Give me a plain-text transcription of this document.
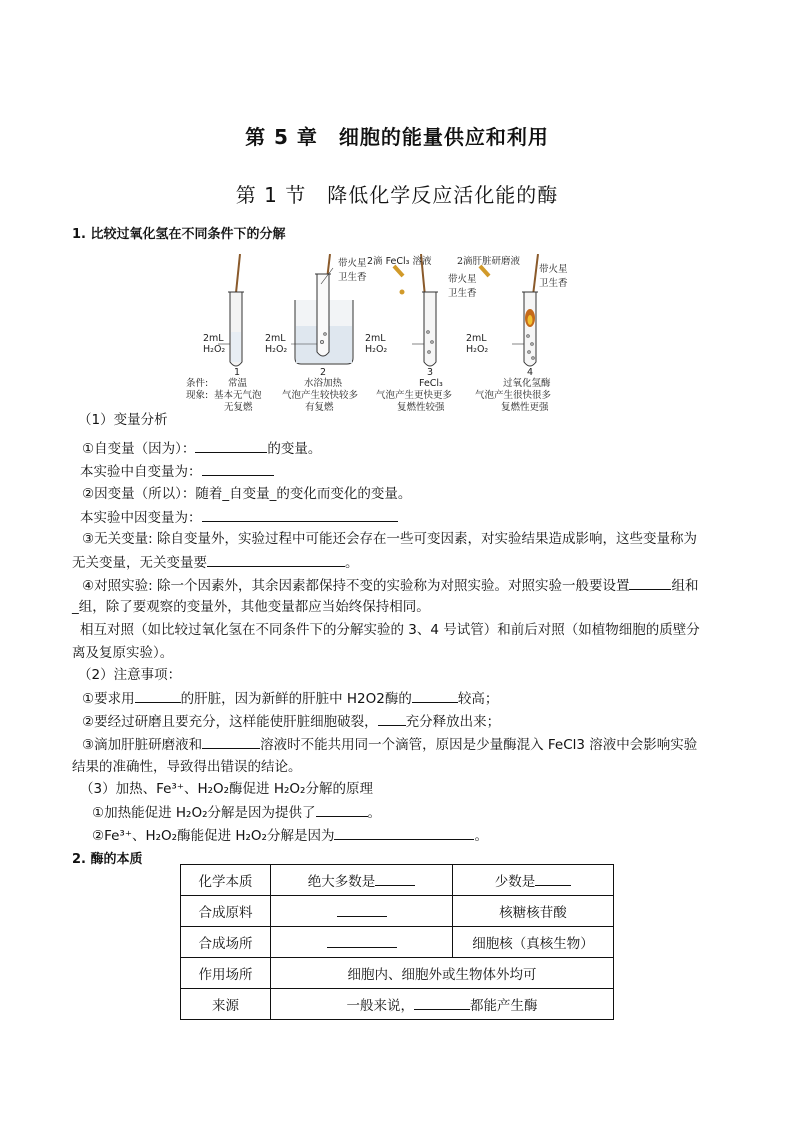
第 5 章　细胞的能量供应和利用
第 1 节　降低化学反应活化能的酶
1. 比较过氧化氢在不同条件下的分解
带火星
卫生香
2滴 FeCl₃ 溶液
带火星
卫生香
2滴肝脏研磨液
带火星
卫生香
2mL
H₂O₂
2mL
H₂O₂
2mL
H₂O₂
2mL
H₂O₂
1	2	3	4
条件: 常温	水浴加热	FeCl₃	过氧化氢酶
现象: 基本无气泡 气泡产生较快较多 气泡产生更快更多 气泡产生很快很多
无复燃	有复燃	复燃性较强	复燃性更强
（1）变量分析
①自变量（因为）：	的变量。
本实验中自变量为：
②因变量（所以）：随着_自变量_的变化而变化的变量。
本实验中因变量为：
③无关变量: 除自变量外，实验过程中可能还会存在一些可变因素，对实验结果造成影响，这些变量称为
无关变量，无关变量要	。
④对照实验: 除一个因素外，其余因素都保持不变的实验称为对照实验。对照实验一般要设置	组和
_组，除了要观察的变量外，其他变量都应当始终保持相同。
相互对照（如比较过氧化氢在不同条件下的分解实验的 3、4 号试管）和前后对照（如植物细胞的质壁分
离及复原实验）。
（2）注意事项：
①要求用	的肝脏，因为新鲜的肝脏中 H2O2酶的	较高；
②要经过研磨且要充分，这样能使肝脏细胞破裂， 充分释放出来；
③滴加肝脏研磨液和	溶液时不能共用同一个滴管，原因是少量酶混入 FeCl3 溶液中会影响实验
结果的准确性，导致得出错误的结论。
（3）加热、Fe³⁺、H₂O₂酶促进 H₂O₂分解的原理
①加热能促进 H₂O₂分解是因为提供了	。
②Fe³⁺、H₂O₂酶能促进 H₂O₂分解是因为	。
2. 酶的本质
化学本质	绝大多数是	少数是
合成原料		核糖核苷酸
合成场所		细胞核（真核生物）
作用场所	细胞内、细胞外或生物体外均可	
来源	一般来说， 都能产生酶	
